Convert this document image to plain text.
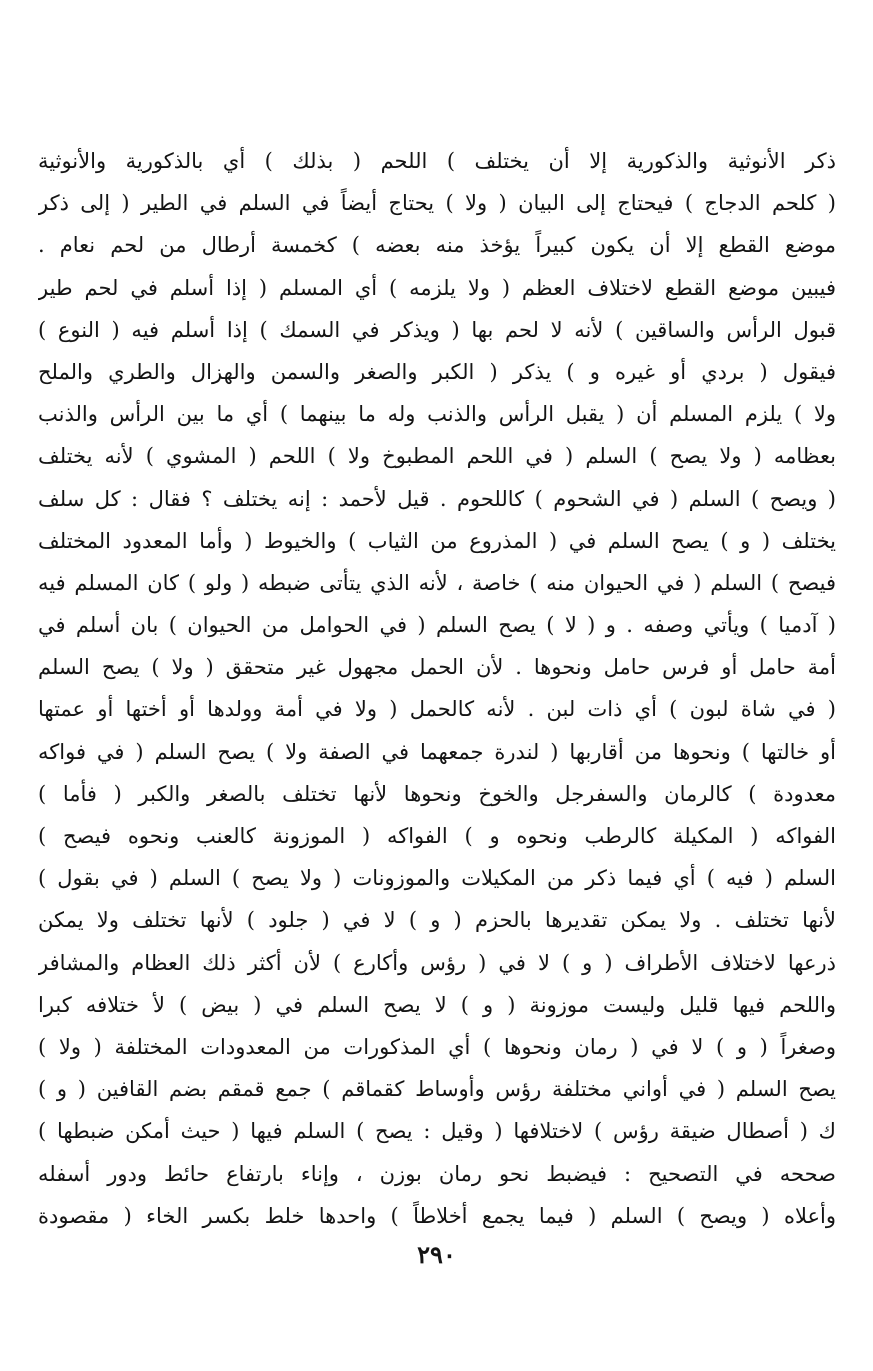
ذكر الأنوثية والذكورية إلا أن يختلف ) اللحم ( بذلك ) أي بالذكورية والأنوثية
( كلحم الدجاج ) فيحتاج إلى البيان ( ولا ) يحتاج أيضاً في السلم في الطير ( إلى ذكر
موضع القطع إلا أن يكون كبيراً يؤخذ منه بعضه ) كخمسة أرطال من لحم نعام .
فيبين موضع القطع لاختلاف العظم ( ولا يلزمه ) أي المسلم ( إذا أسلم في لحم طير
قبول الرأس والساقين ) لأنه لا لحم بها ( ويذكر في السمك ) إذا أسلم فيه ( النوع )
فيقول ( بردي أو غيره و ) يذكر ( الكبر والصغر والسمن والهزال والطري والملح
ولا ) يلزم المسلم أن ( يقبل الرأس والذنب وله ما بينهما ) أي ما بين الرأس والذنب
بعظامه ( ولا يصح ) السلم ( في اللحم المطبوخ ولا ) اللحم ( المشوي ) لأنه يختلف
( ويصح ) السلم ( في الشحوم ) كاللحوم . قيل لأحمد : إنه يختلف ؟ فقال : كل سلف
يختلف ( و ) يصح السلم في ( المذروع من الثياب ) والخيوط ( وأما المعدود المختلف
فيصح ) السلم ( في الحيوان منه ) خاصة ، لأنه الذي يتأتى ضبطه ( ولو ) كان المسلم فيه
( آدميا ) ويأتي وصفه . و ( لا ) يصح السلم ( في الحوامل من الحيوان ) بان أسلم في
أمة حامل أو فرس حامل ونحوها . لأن الحمل مجهول غير متحقق ( ولا ) يصح السلم
( في شاة لبون ) أي ذات لبن . لأنه كالحمل ( ولا في أمة وولدها أو أختها أو عمتها
أو خالتها ) ونحوها من أقاربها ( لندرة جمعهما في الصفة ولا ) يصح السلم ( في فواكه
معدودة ) كالرمان والسفرجل والخوخ ونحوها لأنها تختلف بالصغر والكبر ( فأما )
الفواكه ( المكيلة كالرطب ونحوه و ) الفواكه ( الموزونة كالعنب ونحوه فيصح )
السلم ( فيه ) أي فيما ذكر من المكيلات والموزونات ( ولا يصح ) السلم ( في بقول )
لأنها تختلف . ولا يمكن تقديرها بالحزم ( و ) لا في ( جلود ) لأنها تختلف ولا يمكن
ذرعها لاختلاف الأطراف ( و ) لا في ( رؤس وأكارع ) لأن أكثر ذلك العظام والمشافر
واللحم فيها قليل وليست موزونة ( و ) لا يصح السلم في ( بيض ) لأ ختلافه كبرا
وصغراً ( و ) لا في ( رمان ونحوها ) أي المذكورات من المعدودات المختلفة ( ولا )
يصح السلم ( في أواني مختلفة رؤس وأوساط كقماقم ) جمع قمقم بضم القافين ( و )
ك ( أصطال ضيقة رؤس ) لاختلافها ( وقيل : يصح ) السلم فيها ( حيث أمكن ضبطها )
صححه في التصحيح : فيضبط نحو رمان بوزن ، وإناء بارتفاع حائط ودور أسفله
وأعلاه ( ويصح ) السلم ( فيما يجمع أخلاطاً ) واحدها خلط بكسر الخاء ( مقصودة
٢٩٠
